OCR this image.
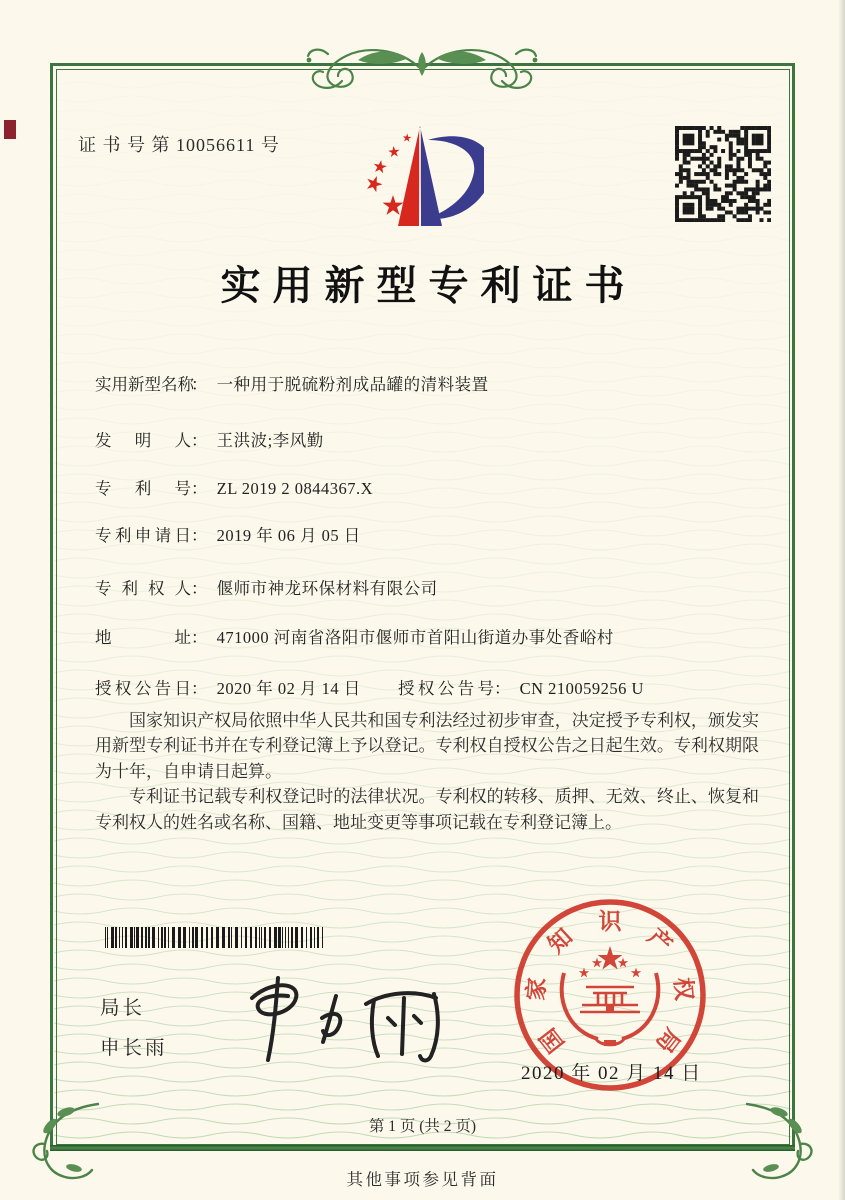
证 书 号 第 10056611 号
实用新型专利证书
实用新型名称： 一种用于脱硫粉剂成品罐的清料装置
发明人： 王洪波;李风勤
专利号： ZL 2019 2 0844367.X
专利申请日： 2019 年 06 月 05 日
专利权人： 偃师市神龙环保材料有限公司
地址： 471000 河南省洛阳市偃师市首阳山街道办事处香峪村
授权公告日： 2020 年 02 月 14 日 授权公告号： CN 210059256 U

国家知识产权局依照中华人民共和国专利法经过初步审查，决定授予专利权，颁发实用新型专利证书并在专利登记簿上予以登记。专利权自授权公告之日起生效。专利权期限为十年，自申请日起算。

专利证书记载专利权登记时的法律状况。专利权的转移、质押、无效、终止、恢复和专利权人的姓名或名称、国籍、地址变更等事项记载在专利登记簿上。

局长
申长雨	国
家
知
识
产
权
局
2020 年 02 月 14 日
第 1 页 (共 2 页)
其他事项参见背面
